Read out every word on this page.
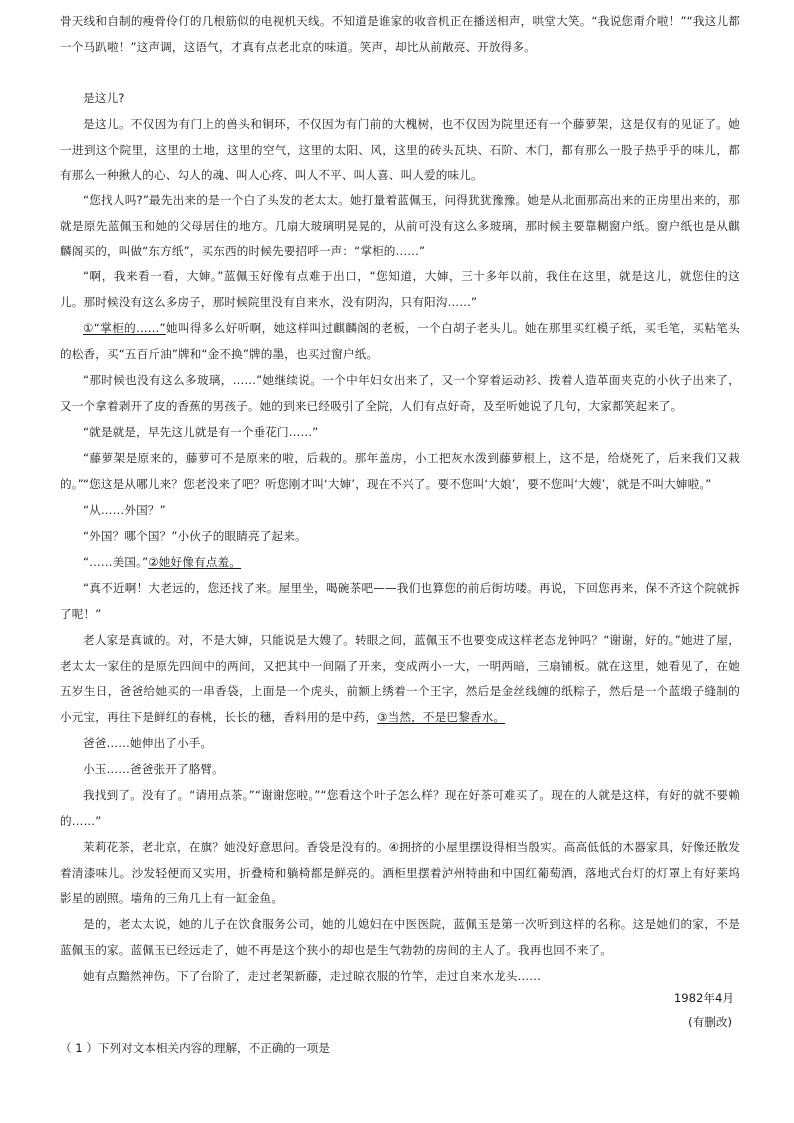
骨天线和自制的瘦骨伶仃的几根筋似的电视机天线。不知道是谁家的收音机正在播送相声，哄堂大笑。“我说您甭介啦！”“我这儿都一个马趴啦！”这声调，这语气，才真有点老北京的味道。笑声，却比从前敞亮、开放得多。

是这儿?

是这儿。不仅因为有门上的兽头和铜环，不仅因为有门前的大槐树，也不仅因为院里还有一个藤萝架，这是仅有的见证了。她一进到这个院里，这里的土地，这里的空气，这里的太阳、风，这里的砖头瓦块、石阶、木门，都有那么一股子热乎乎的味儿，都有那么一种揪人的心、勾人的魂、叫人心疼、叫人不平、叫人喜、叫人爱的味儿。

“您找人吗?”最先出来的是一个白了头发的老太太。她打量着蓝佩玉，问得犹犹豫豫。她是从北面那高出来的正房里出来的，那就是原先蓝佩玉和她的父母居住的地方。几扇大玻璃明晃晃的，从前可没有这么多玻璃，那时候主要靠糊窗户纸。窗户纸也是从麒麟阁买的，叫做“东方纸”，买东西的时候先要招呼一声：“掌柜的……”

“啊，我来看一看，大婶。”蓝佩玉好像有点难于出口，“您知道，大婶，三十多年以前，我住在这里，就是这儿，就您住的这儿。那时候没有这么多房子，那时候院里没有自来水，没有阴沟，只有阳沟……”

①“掌柜的……”她叫得多么好听啊，她这样叫过麒麟阁的老板，一个白胡子老头儿。她在那里买红模子纸，买毛笔，买粘笔头的松香，买“五百斤油”牌和“金不换”牌的墨，也买过窗户纸。

“那时候也没有这么多玻璃，……”她继续说。一个中年妇女出来了，又一个穿着运动衫、拨着人造革面夹克的小伙子出来了，又一个拿着剥开了皮的香蕉的男孩子。她的到来已经吸引了全院，人们有点好奇，及至听她说了几句，大家都笑起来了。

“就是就是，早先这儿就是有一个垂花门……”

“藤萝架是原来的，藤萝可不是原来的啦，后栽的。那年盖房，小工把灰水泼到藤萝根上，这不是，给烧死了，后来我们又栽的。” “您这是从哪儿来？您老没来了吧？听您刚才叫‘大婶’，现在不兴了。要不您叫‘大娘’，要不您叫‘大嫂’，就是不叫大婶啦。”

“从……外国？”

“外国？哪个国？”小伙子的眼睛亮了起来。

“……美国。”②她好像有点羞。

“真不近啊！大老远的，您还找了来。屋里坐，喝碗茶吧——我们也算您的前后街坊喽。再说，下回您再来，保不齐这个院就拆了呢！”

老人家是真诚的。对，不是大婶，只能说是大嫂了。转眼之间，蓝佩玉不也要变成这样老态龙钟吗？“谢谢，好的。”她进了屋，老太太一家住的是原先四间中的两间，又把其中一间隔了开来，变成两小一大，一明两暗，三扇铺板。就在这里，她看见了，在她五岁生日，爸爸给她买的一串香袋，上面是一个虎头，前额上绣着一个王字，然后是金丝线缠的纸粽子，然后是一个蓝缎子缝制的小元宝，再往下是鲜红的春桃，长长的穗，香料用的是中药，③当然，不是巴黎香水。

爸爸……她伸出了小手。

小玉……爸爸张开了胳臂。

我找到了。没有了。“请用点茶。”“谢谢您啦。”“您看这个叶子怎么样？现在好茶可难买了。现在的人就是这样，有好的就不要赖的……”

茉莉花茶，老北京，在旗？她没好意思问。香袋是没有的。④拥挤的小屋里摆设得相当殷实。高高低低的木器家具，好像还散发着清漆味儿。沙发轻便而又实用，折叠椅和躺椅都是鲜亮的。酒柜里摆着泸州特曲和中国红葡萄酒，落地式台灯的灯罩上有好莱坞影星的剧照。墙角的三角几上有一缸金鱼。

是的，老太太说，她的儿子在饮食服务公司，她的儿媳妇在中医医院，蓝佩玉是第一次听到这样的名称。这是她们的家，不是蓝佩玉的家。蓝佩玉已经远走了，她不再是这个狭小的却也是生气勃勃的房间的主人了。我再也回不来了。

她有点黯然神伤。下了台阶了，走过老架新藤，走过晾衣服的竹竿，走过自来水龙头……

1982年4月

(有删改)

（ 1 ）下列对文本相关内容的理解，不正确的一项是
